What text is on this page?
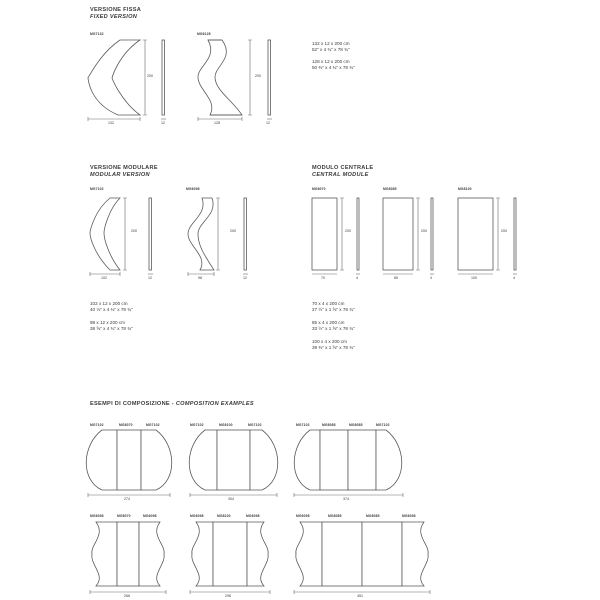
VERSIONE FISSA
FIXED VERSION
MG7132	MG6128
200
132	12
200
128	12
132 x 12 x 200 cm
52" x 4 ¾" x 78 ¾"
128 x 12 x 200 cm
50 ⅜" x 4 ¾" x 78 ¾"
VERSIONE MODULARE
MODULAR VERSION
MG7102	MG6098
200
102	12
200
98	12
102 x 12 x 200 cm
40 ⅛" x 4 ¾" x 78 ¾"
98 x 12 x 200 cm
38 ⅝" x 4 ¾" x 78 ¾"
MODULO CENTRALE
CENTRAL MODULE
MG8070	MG8085	MG8100
200	200	200
70	85	100
4	4	4
70 x 4 x 200 cm
27 ½" x 1 ⅝" x 78 ¾"
85 x 4 x 200 cm
33 ½" x 1 ⅝" x 78 ¾"
100 x 4 x 200 cm
39 ⅜" x 1 ⅝" x 78 ¾"
ESEMPI DI COMPOSIZIONE - COMPOSITION EXAMPLES
MG7102	MG8070	MG7102
274
MG7102	MG8100	MG7102
304
MG7102	MG8085	MG8085	MG7102
374
MG6098	MG8070	MG6098
266
MG6098	MG8100	MG6098
296
MG6098	MG8085	MG8085	MG6098
451
